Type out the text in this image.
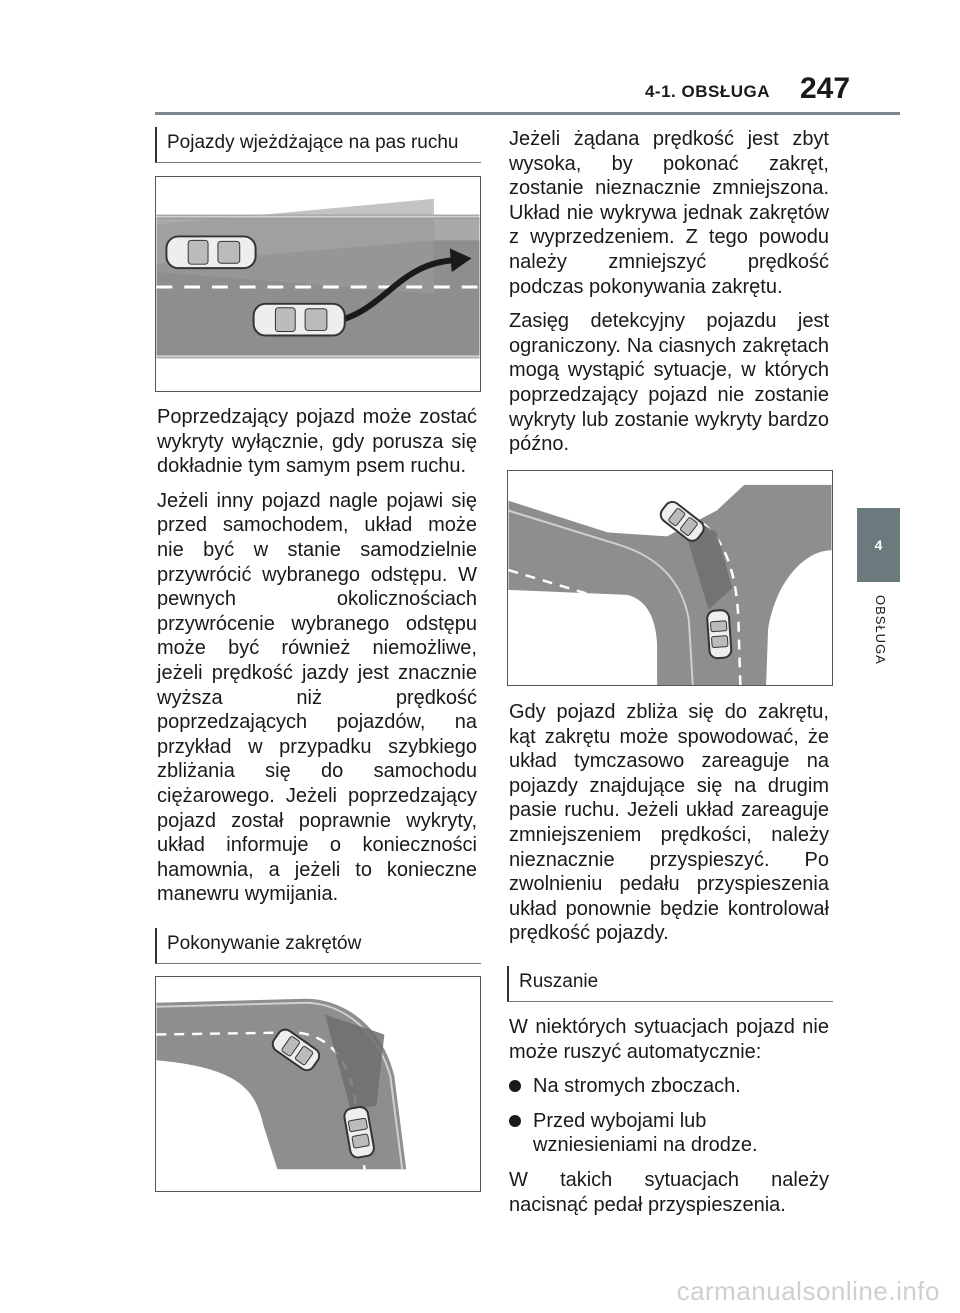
4-1. OBSŁUGA 247
4
OBSŁUGA
Pojazdy wjeżdżające na pas ruchu

Poprzedzający pojazd może zostać wykryty wyłącznie, gdy porusza się dokładnie tym samym psem ruchu.

Jeżeli inny pojazd nagle pojawi się przed samochodem, układ może nie być w stanie samodzielnie przywrócić wybranego odstępu. W pewnych okolicznościach przywrócenie wybranego odstępu może być również niemożliwe, jeżeli prędkość jazdy jest znacznie wyższa niż prędkość poprzedzających pojazdów, na przykład w przypadku szybkiego zbliżania się do samochodu ciężarowego. Jeżeli poprzedzający pojazd został poprawnie wykryty, układ informuje o konieczności hamownia, a jeżeli to konieczne manewru wymijania.

Pokonywanie zakrętów

Jeżeli żądana prędkość jest zbyt wysoka, by pokonać zakręt, zostanie nieznacznie zmniejszona. Układ nie wykrywa jednak zakrętów z wyprzedzeniem. Z tego powodu należy zmniejszyć prędkość podczas pokonywania zakrętu.

Zasięg detekcyjny pojazdu jest ograniczony. Na ciasnych zakrętach mogą wystąpić sytuacje, w których poprzedzający pojazd nie zostanie wykryty lub zostanie wykryty bardzo późno.

Gdy pojazd zbliża się do zakrętu, kąt zakrętu może spowodować, że układ tymczasowo zareaguje na pojazdy znajdujące się na drugim pasie ruchu. Jeżeli układ zareaguje zmniejszeniem prędkości, należy nieznacznie przyspieszyć. Po zwolnieniu pedału przyspieszenia układ ponownie będzie kontrolował prędkość pojazdy.

Ruszanie

W niektórych sytuacjach pojazd nie może ruszyć automatycznie:

Na stromych zboczach.
Przed wybojami lub wzniesieniami na drodze.

W takich sytuacjach należy nacisnąć pedał przyspieszenia.

carmanualsonline.info
